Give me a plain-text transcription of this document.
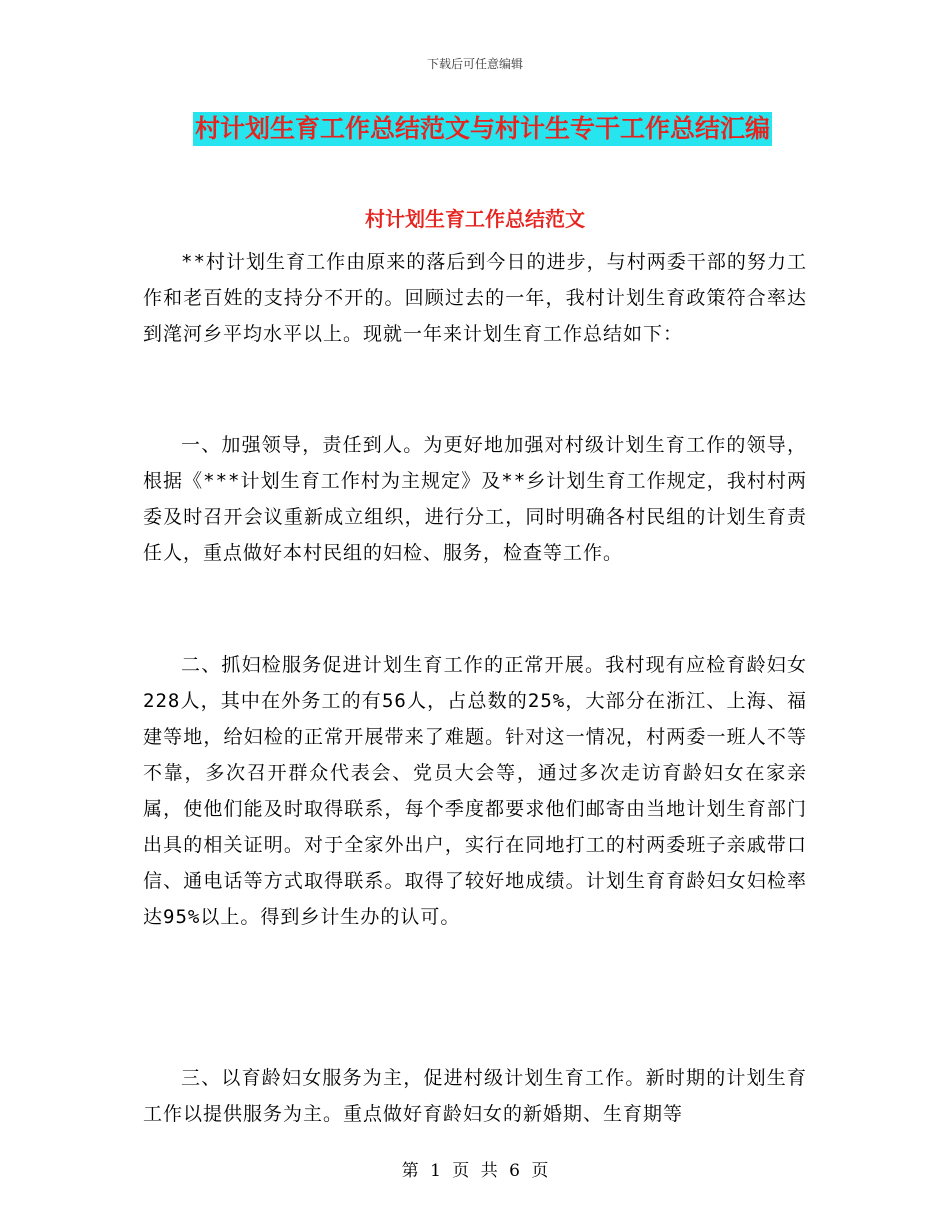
下载后可任意编辑
村计划生育工作总结范文与村计生专干工作总结汇编
村计划生育工作总结范文

**村计划生育工作由原来的落后到今日的进步，与村两委干部的努力工作和老百姓的支持分不开的。回顾过去的一年，我村计划生育政策符合率达到滗河乡平均水平以上。现就一年来计划生育工作总结如下：

一、加强领导，责任到人。为更好地加强对村级计划生育工作的领导，根据《***计划生育工作村为主规定》及**乡计划生育工作规定，我村村两委及时召开会议重新成立组织，进行分工，同时明确各村民组的计划生育责任人，重点做好本村民组的妇检、服务，检查等工作。

二、抓妇检服务促进计划生育工作的正常开展。我村现有应检育龄妇女228人，其中在外务工的有56人，占总数的25%，大部分在浙江、上海、福建等地，给妇检的正常开展带来了难题。针对这一情况，村两委一班人不等不靠，多次召开群众代表会、党员大会等，通过多次走访育龄妇女在家亲属，使他们能及时取得联系，每个季度都要求他们邮寄由当地计划生育部门出具的相关证明。对于全家外出户，实行在同地打工的村两委班子亲戚带口信、通电话等方式取得联系。取得了较好地成绩。计划生育育龄妇女妇检率达95%以上。得到乡计生办的认可。

三、以育龄妇女服务为主，促进村级计划生育工作。新时期的计划生育工作以提供服务为主。重点做好育龄妇女的新婚期、生育期等

第 1 页 共 6 页
